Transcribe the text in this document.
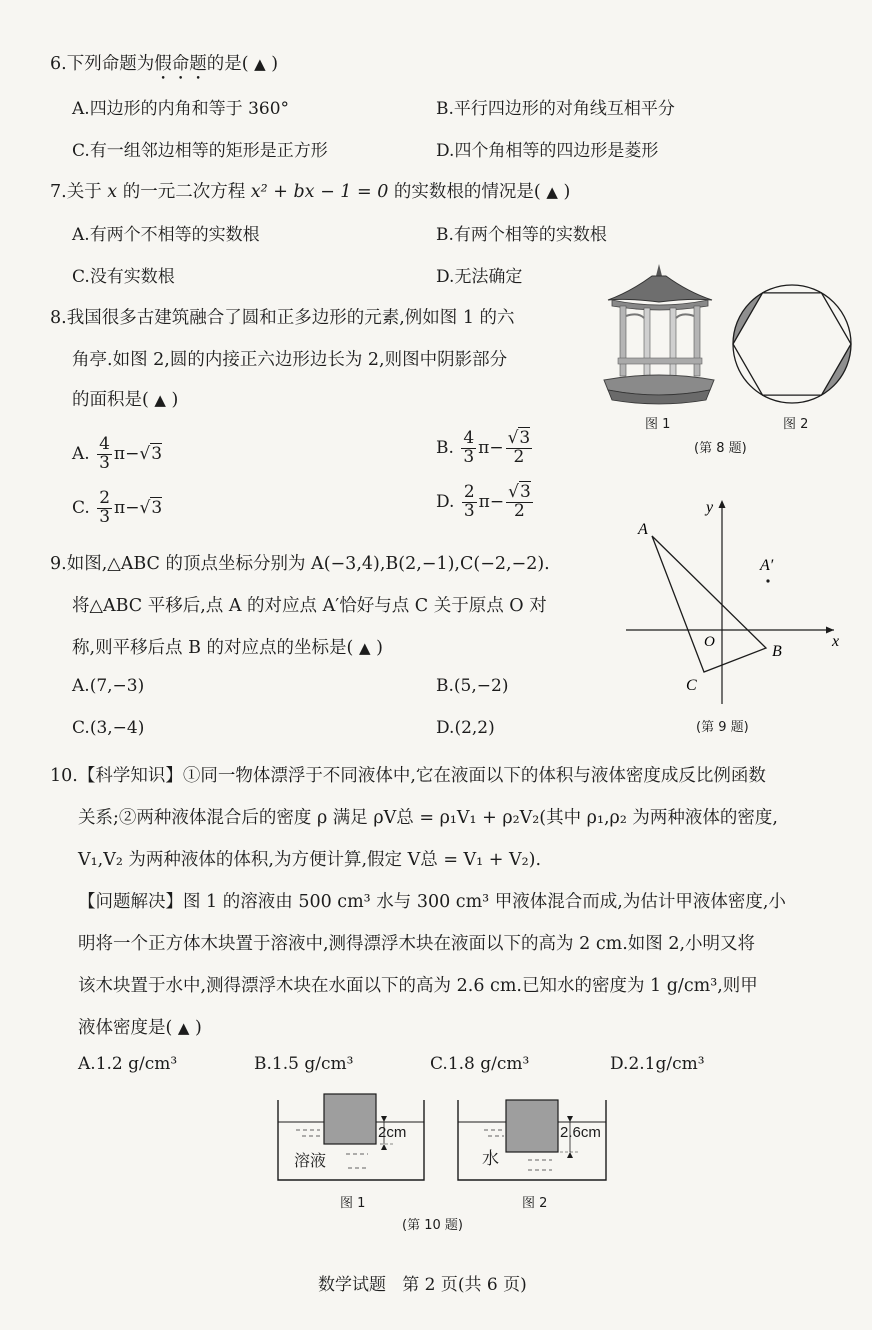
6.下列命题为假命题的是( ▲ )
A.四边形的内角和等于 360°	B.平行四边形的对角线互相平分
C.有一组邻边相等的矩形是正方形	D.四个角相等的四边形是菱形
7.关于 x 的一元二次方程 x² + bx − 1 = 0 的实数根的情况是( ▲ )
A.有两个不相等的实数根	B.有两个相等的实数根
C.没有实数根	D.无法确定
8.我国很多古建筑融合了圆和正多边形的元素,例如图 1 的六
角亭.如图 2,圆的内接正六边形边长为 2,则图中阴影部分
的面积是( ▲ )
A. $\frac{4}{3} \pi-√3$	B. $\frac{4}{3} \pi- \frac{√3}{2}$
C. $\frac{2}{3} \pi-√3$	D. $\frac{2}{3} \pi- \frac{√3}{2}$
图 1	图 2
(第 8 题)
9.如图,△ABC 的顶点坐标分别为 A(−3,4),B(2,−1),C(−2,−2).
将△ABC 平移后,点 A 的对应点 A′恰好与点 C 关于原点 O 对
称,则平移后点 B 的对应点的坐标是( ▲ )
A.(7,−3)	B.(5,−2)
C.(3,−4)	D.(2,2)
A
B
C
O
A′
x
y
(第 9 题)
10.【科学知识】①同一物体漂浮于不同液体中,它在液面以下的体积与液体密度成反比例函数
关系;②两种液体混合后的密度 ρ 满足 ρV总 = ρ₁V₁ + ρ₂V₂(其中 ρ₁,ρ₂ 为两种液体的密度,
V₁,V₂ 为两种液体的体积,为方便计算,假定 V总 = V₁ + V₂).
【问题解决】图 1 的溶液由 500 cm³ 水与 300 cm³ 甲液体混合而成,为估计甲液体密度,小
明将一个正方体木块置于溶液中,测得漂浮木块在液面以下的高为 2 cm.如图 2,小明又将
该木块置于水中,测得漂浮木块在水面以下的高为 2.6 cm.已知水的密度为 1 g/cm³,则甲
液体密度是( ▲ )
A.1.2 g/cm³	B.1.5 g/cm³	C.1.8 g/cm³	D.2.1g/cm³
2cm
溶液
图 1
2.6cm
水
图 2
(第 10 题)
数学试题   第 2 页(共 6 页)
